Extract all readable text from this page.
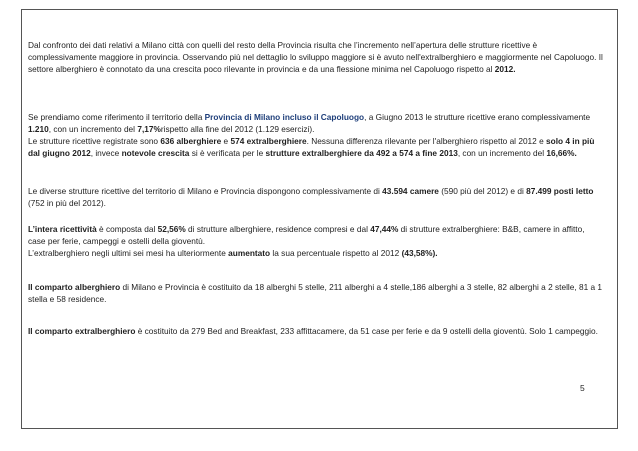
Dal confronto dei dati relativi a Milano città con quelli del resto della Provincia risulta che l’incremento nell’apertura delle strutture ricettive è complessivamente maggiore in provincia. Osservando più nel dettaglio lo sviluppo maggiore si è avuto nell'extralberghiero e maggiormente nel Capoluogo. Il settore alberghiero è connotato da una crescita poco rilevante in provincia e da una flessione minima nel Capoluogo rispetto al 2012.

Se prendiamo come riferimento il territorio della Provincia di Milano incluso il Capoluogo, a Giugno 2013 le strutture ricettive erano complessivamente 1.210, con un incremento del 7,17%rispetto alla fine del 2012 (1.129 esercizi).
Le strutture ricettive registrate sono 636 alberghiere e 574 extralberghiere. Nessuna differenza rilevante per l'alberghiero rispetto al 2012 e solo 4 in più dal giugno 2012, invece notevole crescita si è verificata per le strutture extralberghiere da 492 a 574 a fine 2013, con un incremento del 16,66%.

Le diverse strutture ricettive del territorio di Milano e Provincia dispongono complessivamente di 43.594 camere (590 più del 2012) e di 87.499 posti letto (752 in più del 2012).

L’intera ricettività è composta dal 52,56% di strutture alberghiere, residence compresi e dal 47,44% di strutture extralberghiere: B&B, camere in affitto, case per ferie, campeggi e ostelli della gioventù.
L’extralberghiero negli ultimi sei mesi ha ulteriormente aumentato la sua percentuale rispetto al 2012 (43,58%).

Il comparto alberghiero di Milano e Provincia è costituito da 18 alberghi 5 stelle, 211 alberghi a 4 stelle,186 alberghi a 3 stelle, 82 alberghi a 2 stelle, 81 a 1 stella e 58 residence.

Il comparto extralberghiero è costituito da 279 Bed and Breakfast, 233 affittacamere, da 51 case per ferie e da 9 ostelli della gioventù. Solo 1 campeggio.

5
